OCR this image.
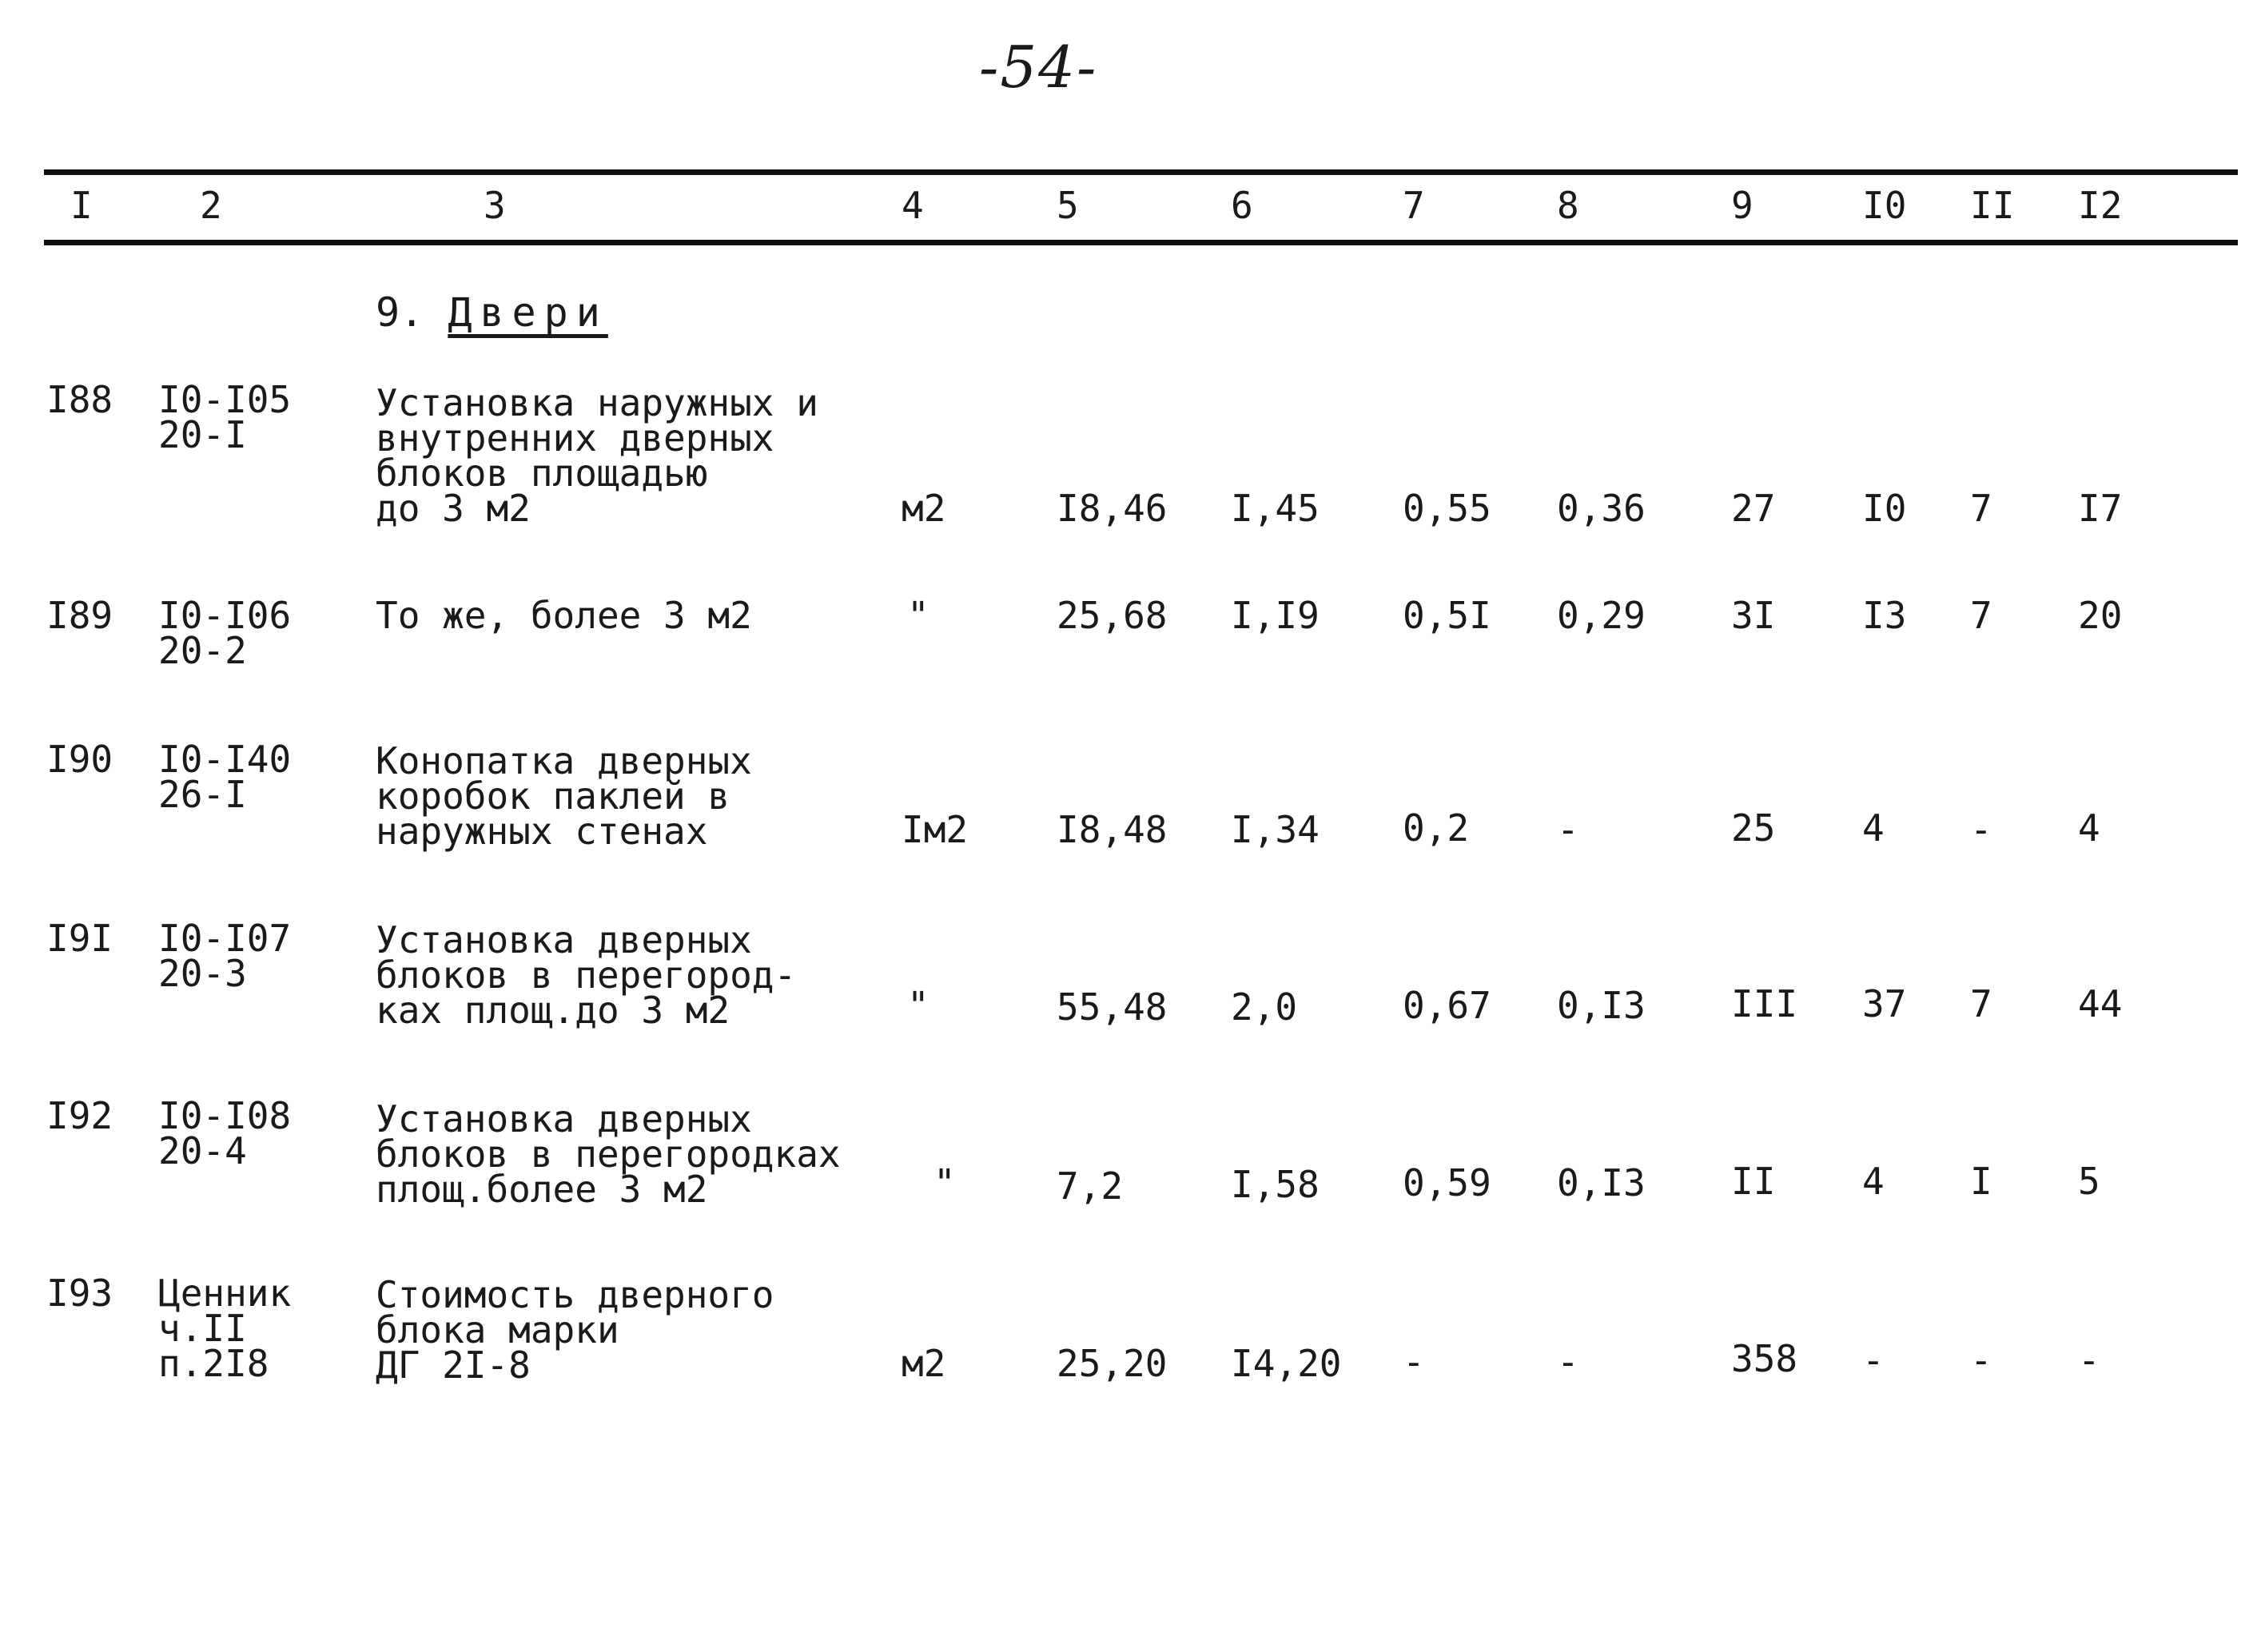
-54-
I	2	3	4	5	6	7	8	9	I0 II I2
9. Двери
I88 I0-I05
20-I
Установка наружных и
внутренних дверных
блоков площадью
до 3 м2	м2	I8,46 I,45 0,55 0,36 27 I0 7 I7
I89 I0-I06
20-2
То же, более 3 м2	"	25,68 I,I9 0,5I 0,29 3I I3 7 20
I90 I0-I40
26-I
Конопатка дверных
коробок паклей в
наружных стенах	Iм2 I8,48 I,34 0,2 -	25 4 - 4
I9I I0-I07
20-3
Установка дверных
блоков в перегород-
ках площ.до 3 м2	"	55,48 2,0	0,67 0,I3 III 37 7 44
I92 I0-I08
20-4
Установка дверных
блоков в перегородках
площ.более 3 м2	"	7,2	I,58 0,59 0,I3 II 4 I 5
I93 Ценник
ч.II
п.2I8
Стоимость дверного
блока марки
ДГ 2I-8	м2	25,20 I4,20 -	-	358 - - -
